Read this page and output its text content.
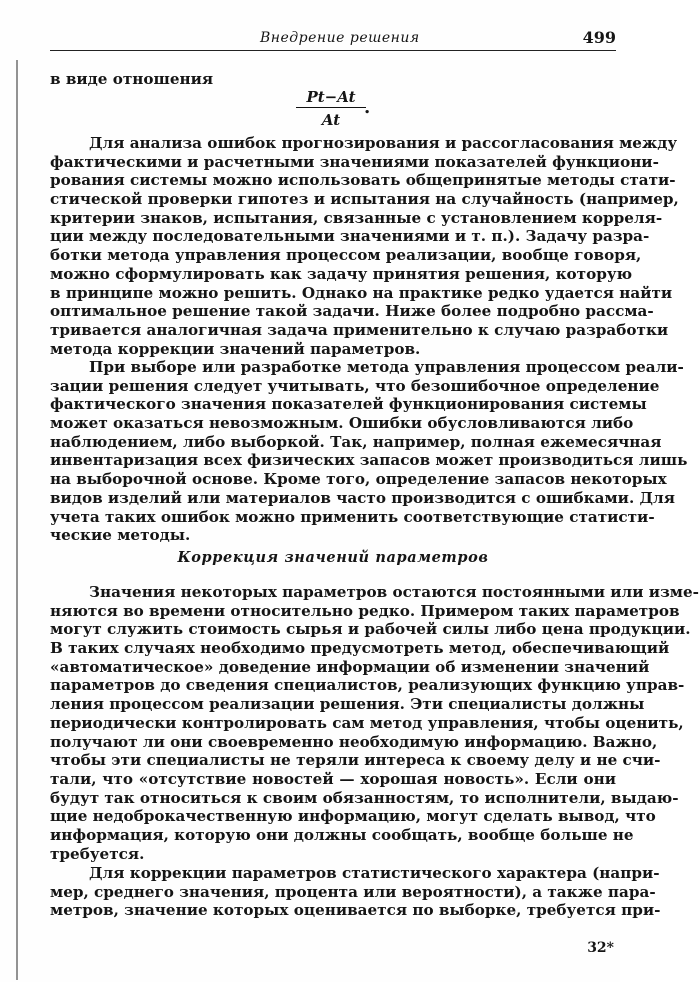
Внедрение решения	499
в виде отношения
Pt−At
At
.
Для анализа ошибок прогнозирования и рассогласования между
фактическими и расчетными значениями показателей функциони-
рования системы можно использовать общепринятые методы стати-
стической проверки гипотез и испытания на случайность (например,
критерии знаков, испытания, связанные с установлением корреля-
ции между последовательными значениями и т. п.). Задачу разра-
ботки метода управления процессом реализации, вообще говоря,
можно сформулировать как задачу принятия решения, которую
в принципе можно решить. Однако на практике редко удается найти
оптимальное решение такой задачи. Ниже более подробно рассма-
тривается аналогичная задача применительно к случаю разработки
метода коррекции значений параметров.
При выборе или разработке метода управления процессом реали-
зации решения следует учитывать, что безошибочное определение
фактического значения показателей функционирования системы
может оказаться невозможным. Ошибки обусловливаются либо
наблюдением, либо выборкой. Так, например, полная ежемесячная
инвентаризация всех физических запасов может производиться лишь
на выборочной основе. Кроме того, определение запасов некоторых
видов изделий или материалов часто производится с ошибками. Для
учета таких ошибок можно применить соответствующие статисти-
ческие методы.
Коррекция значений параметров
Значения некоторых параметров остаются постоянными или изме-
няются во времени относительно редко. Примером таких параметров
могут служить стоимость сырья и рабочей силы либо цена продукции.
В таких случаях необходимо предусмотреть метод, обеспечивающий
«автоматическое» доведение информации об изменении значений
параметров до сведения специалистов, реализующих функцию управ-
ления процессом реализации решения. Эти специалисты должны
периодически контролировать сам метод управления, чтобы оценить,
получают ли они своевременно необходимую информацию. Важно,
чтобы эти специалисты не теряли интереса к своему делу и не счи-
тали, что «отсутствие новостей — хорошая новость». Если они
будут так относиться к своим обязанностям, то исполнители, выдаю-
щие недоброкачественную информацию, могут сделать вывод, что
информация, которую они должны сообщать, вообще больше не
требуется.
Для коррекции параметров статистического характера (напри-
мер, среднего значения, процента или вероятности), а также пара-
метров, значение которых оценивается по выборке, требуется при-
32*
